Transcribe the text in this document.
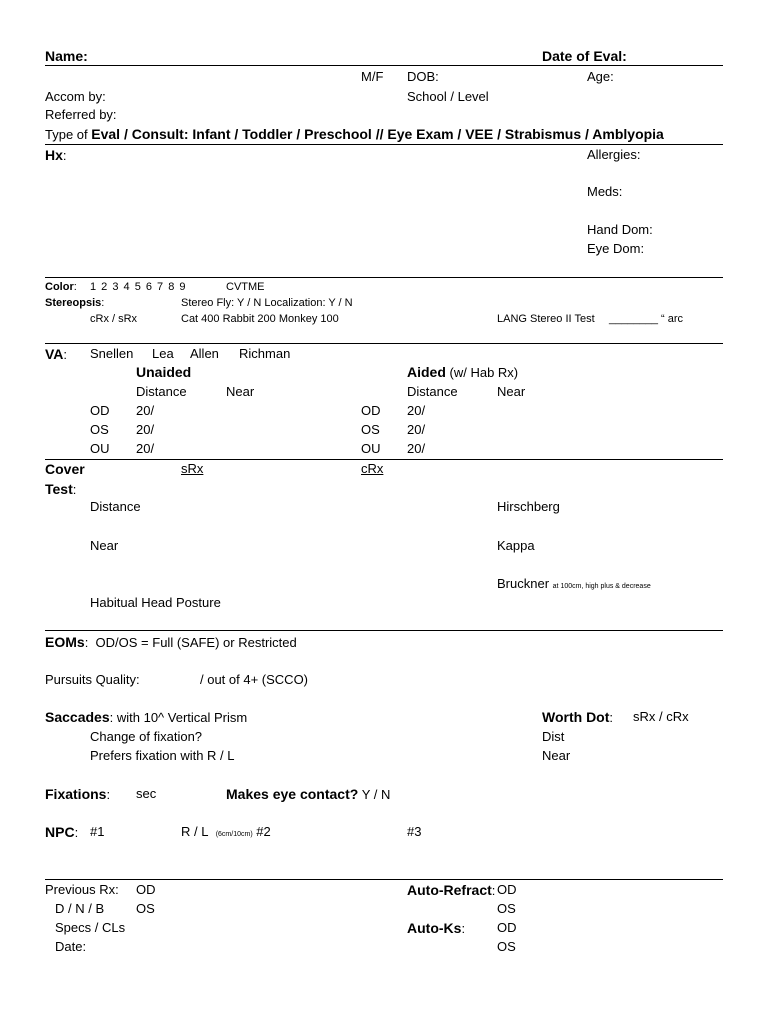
Name:	Date of Eval:
M/F DOB:	Age:
Accom by:	School / Level
Referred by:
Type of Eval / Consult: Infant / Toddler / Preschool // Eye Exam / VEE / Strabismus / Amblyopia
Hx:	Allergies:
Meds:
Hand Dom:
Eye Dom:
Color: 1 2 3 4 5 6 7 8 9	CVTME
Stereopsis:	Stereo Fly: Y / N Localization: Y / N
cRx / sRx	Cat 400 Rabbit 200 Monkey 100	LANG Stereo II Test ________ “ arc
VA: Snellen Lea Allen Richman
Unaided	Aided (w/ Hab Rx)
Distance	Near	Distance	Near
OD 20/	OD 20/
OS 20/	OS 20/
OU 20/	OU 20/
Cover
Test:
sRx	cRx
Distance	Hirschberg
Near	Kappa
Bruckner at 100cm, high plus & decrease
Habitual Head Posture
EOMs: OD/OS = Full (SAFE) or Restricted
Pursuits Quality:	/ out of 4+ (SCCO)
Saccades: with 10^ Vertical Prism
Change of fixation?
Prefers fixation with R / L
Worth Dot: sRx / cRx
Dist
Near
Fixations: sec	Makes eye contact? Y / N
NPC: #1	R / L (6cm/10cm) #2	#3
Previous Rx: OD
D / N / B OS
Specs / CLs
Date:
Auto-Refract: OD
OS
Auto-Ks: OD
OS
